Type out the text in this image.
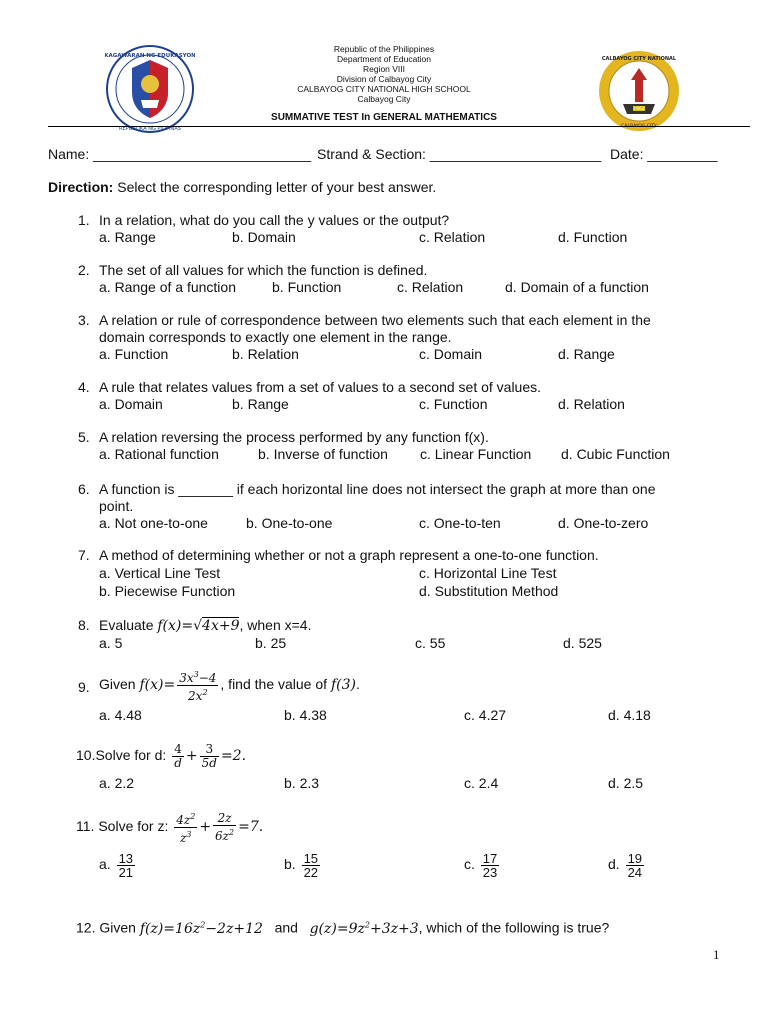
KAGAWARAN NG EDUKASYON
REPUBLIKA NG PILIPINAS
1962
CALBAYOG CITY NATIONAL
CALBAYOG CITY
Republic of the Philippines
Department of Education
Region VIII
Division of Calbayog City
CALBAYOG CITY NATIONAL HIGH SCHOOL
Calbayog City
SUMMATIVE TEST In GENERAL MATHEMATICS
Name: ____________________________ Strand & Section: ______________________ Date: _________
Direction: Select the corresponding letter of your best answer.
1. In a relation, what do you call the y values or the output?
a. Range	b. Domain	c. Relation	d. Function
2. The set of all values for which the function is defined.
a. Range of a function	b. Function	c. Relation	d. Domain of a function
3. A relation or rule of correspondence between two elements such that each element in the
domain corresponds to exactly one element in the range.
a. Function	b. Relation	c. Domain	d. Range
4. A rule that relates values from a set of values to a second set of values.
a. Domain	b. Range	c. Function	d. Relation
5. A relation reversing the process performed by any function f(x).
a. Rational function	b. Inverse of function c. Linear Function d. Cubic Function
6. A function is _______ if each horizontal line does not intersect the graph at more than one
point.
a. Not one-to-one	b. One-to-one	c. One-to-ten	d. One-to-zero
7. A method of determining whether or not a graph represent a one-to-one function.
a. Vertical Line Test	c. Horizontal Line Test
b. Piecewise Function	d. Substitution Method
8. Evaluate f(x)=√4x+9, when x=4.
a. 5	b. 25	c. 55	d. 525
9. Given $f(x)= \frac{3x^3-4}{2x^2}$ , find the value of f(3).
a. 4.48	b. 4.38	c. 4.27	d. 4.18
10.Solve for d: $\frac{4}{d} + \frac{3}{5d} =2$.
a. 2.2	b. 2.3	c. 2.4	d. 2.5
11. Solve for z: $\frac{4z^2}{z^3} + \frac{2z}{6z^2} =7$.
a. $\frac{13}{21}$	b. $\frac{15}{22}$	c. $\frac{17}{23}$	d. $\frac{19}{24}$
12. Given $f(z)=16z^2-2z+12$ and $g(z)=9z^2+3z+3$, which of the following is true?
1
